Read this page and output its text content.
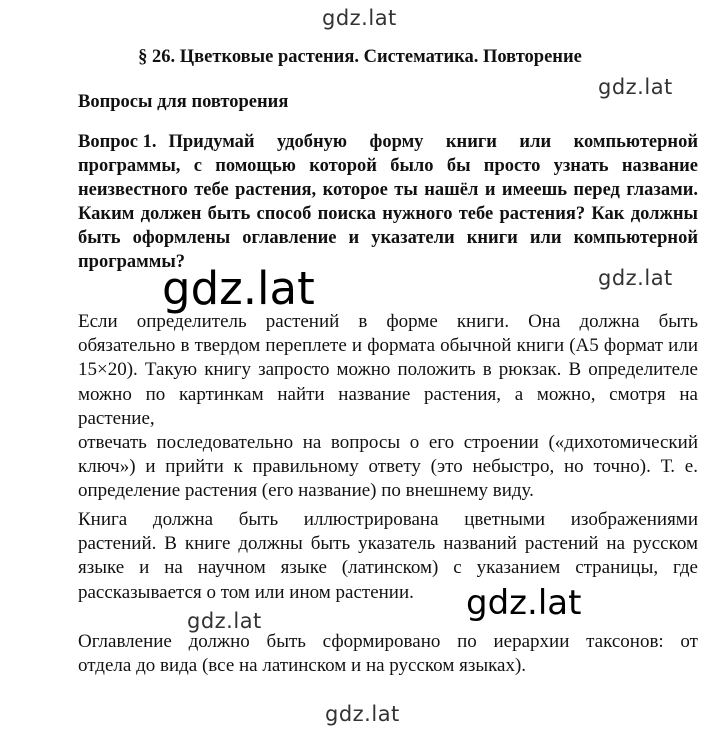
gdz.lat
§ 26. Цветковые растения. Систематика. Повторение
gdz.lat
Вопросы для повторения
Вопрос 1. Придумай удобную форму книги или компьютерной
программы, с помощью которой было бы просто узнать название
неизвестного тебе растения, которое ты нашёл и имеешь перед глазами.
Каким должен быть способ поиска нужного тебе растения? Как должны
быть оформлены оглавление и указатели книги или компьютерной
программы?
gdz.lat	gdz.lat
Если определитель растений в форме книги. Она должна быть
обязательно в твердом переплете и формата обычной книги (А5 формат или
15×20). Такую книгу запросто можно положить в рюкзак. В определителе
можно по картинкам найти название растения, а можно, смотря на растение,
отвечать последовательно на вопросы о его строении («дихотомический
ключ») и прийти к правильному ответу (это небыстро, но точно). Т. е.
определение растения (его название) по внешнему виду.
Книга должна быть иллюстрирована цветными изображениями
растений. В книге должны быть указатель названий растений на русском
языке и на научном языке (латинском) с указанием страницы, где
рассказывается о том или ином растении.	gdz.lat
gdz.lat
Оглавление должно быть сформировано по иерархии таксонов: от
отдела до вида (все на латинском и на русском языках).
gdz.lat
